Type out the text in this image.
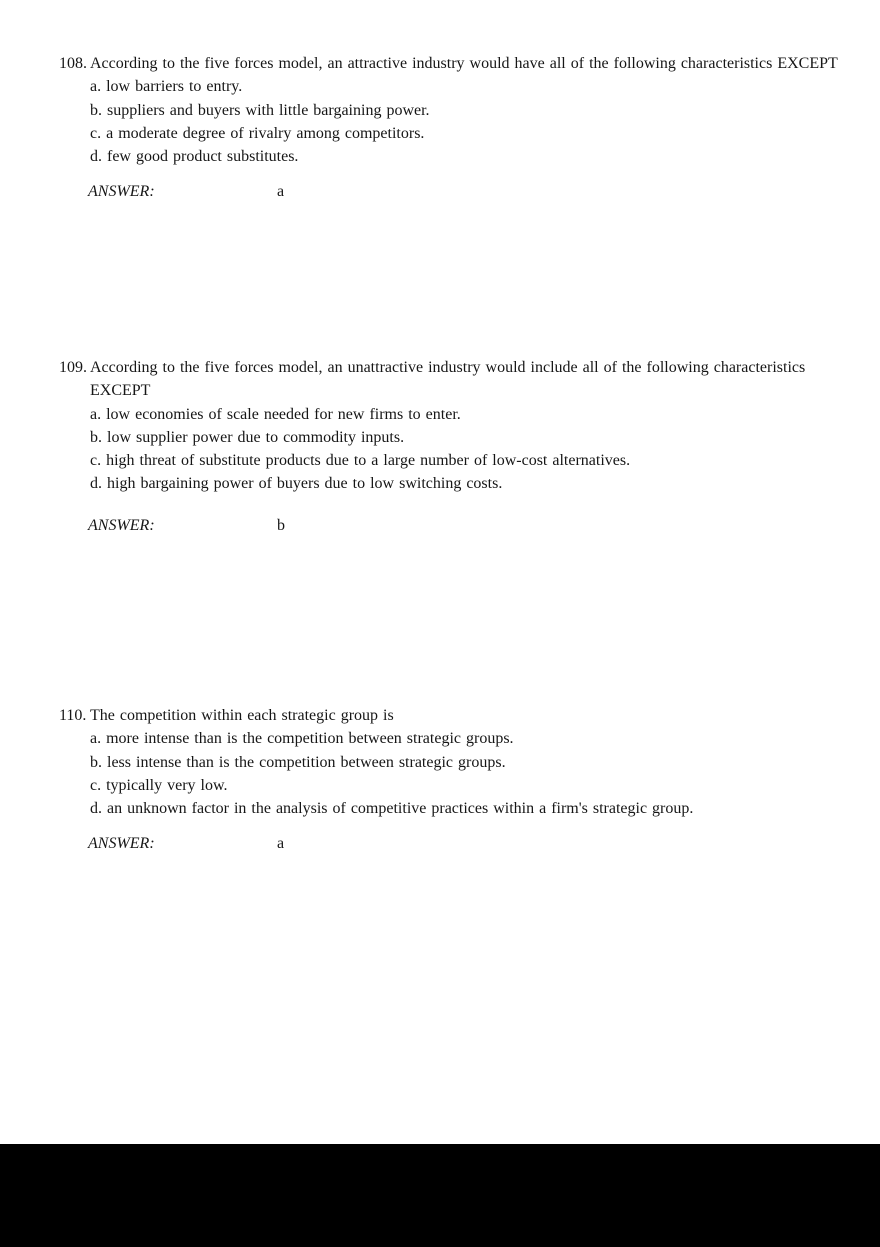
108. According to the five forces model, an attractive industry would have all of the following characteristics EXCEPT
a. low barriers to entry.
b. suppliers and buyers with little bargaining power.
c. a moderate degree of rivalry among competitors.
d. few good product substitutes.
ANSWER:	a
109. According to the five forces model, an unattractive industry would include all of the following characteristics
EXCEPT
a. low economies of scale needed for new firms to enter.
b. low supplier power due to commodity inputs.
c. high threat of substitute products due to a large number of low-cost alternatives.
d. high bargaining power of buyers due to low switching costs.
ANSWER:	b
110. The competition within each strategic group is
a. more intense than is the competition between strategic groups.
b. less intense than is the competition between strategic groups.
c. typically very low.
d. an unknown factor in the analysis of competitive practices within a firm's strategic group.
ANSWER:	a
